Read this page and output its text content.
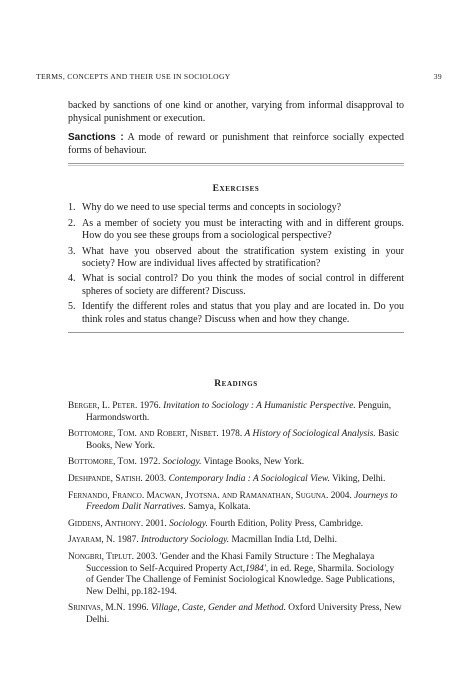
TERMS, CONCEPTS AND THEIR USE IN SOCIOLOGY	39

backed by sanctions of one kind or another, varying from informal disapproval to physical punishment or execution.

Sanctions : A mode of reward or punishment that reinforce socially expected forms of behaviour.

Exercises
1. Why do we need to use special terms and concepts in sociology?
2. As a member of society you must be interacting with and in different groups. How do you see these groups from a sociological perspective?
3. What have you observed about the stratification system existing in your society? How are individual lives affected by stratification?
4. What is social control? Do you think the modes of social control in different spheres of society are different? Discuss.
5. Identify the different roles and status that you play and are located in. Do you think roles and status change? Discuss when and how they change.
Readings
Berger, L. Peter. 1976. Invitation to Sociology : A Humanistic Perspective. Penguin, Harmondsworth.
Bottomore, Tom. and Robert, Nisbet. 1978. A History of Sociological Analysis. Basic Books, New York.
Bottomore, Tom. 1972. Sociology. Vintage Books, New York.
Deshpande, Satish. 2003. Contemporary India : A Sociological View. Viking, Delhi.
Fernando, Franco. Macwan, Jyotsna. and Ramanathan, Suguna. 2004. Journeys to Freedom Dalit Narratives. Samya, Kolkata.
Giddens, Anthony. 2001. Sociology. Fourth Edition, Polity Press, Cambridge.
Jayaram, N. 1987. Introductory Sociology. Macmillan India Ltd, Delhi.
Nongbri, Tiplut. 2003. 'Gender and the Khasi Family Structure : The Meghalaya Succession to Self-Acquired Property Act,1984', in ed. Rege, Sharmila. Sociology of Gender The Challenge of Feminist Sociological Knowledge. Sage Publications, New Delhi, pp.182-194.
Srinivas, M.N. 1996. Village, Caste, Gender and Method. Oxford University Press, New Delhi.
